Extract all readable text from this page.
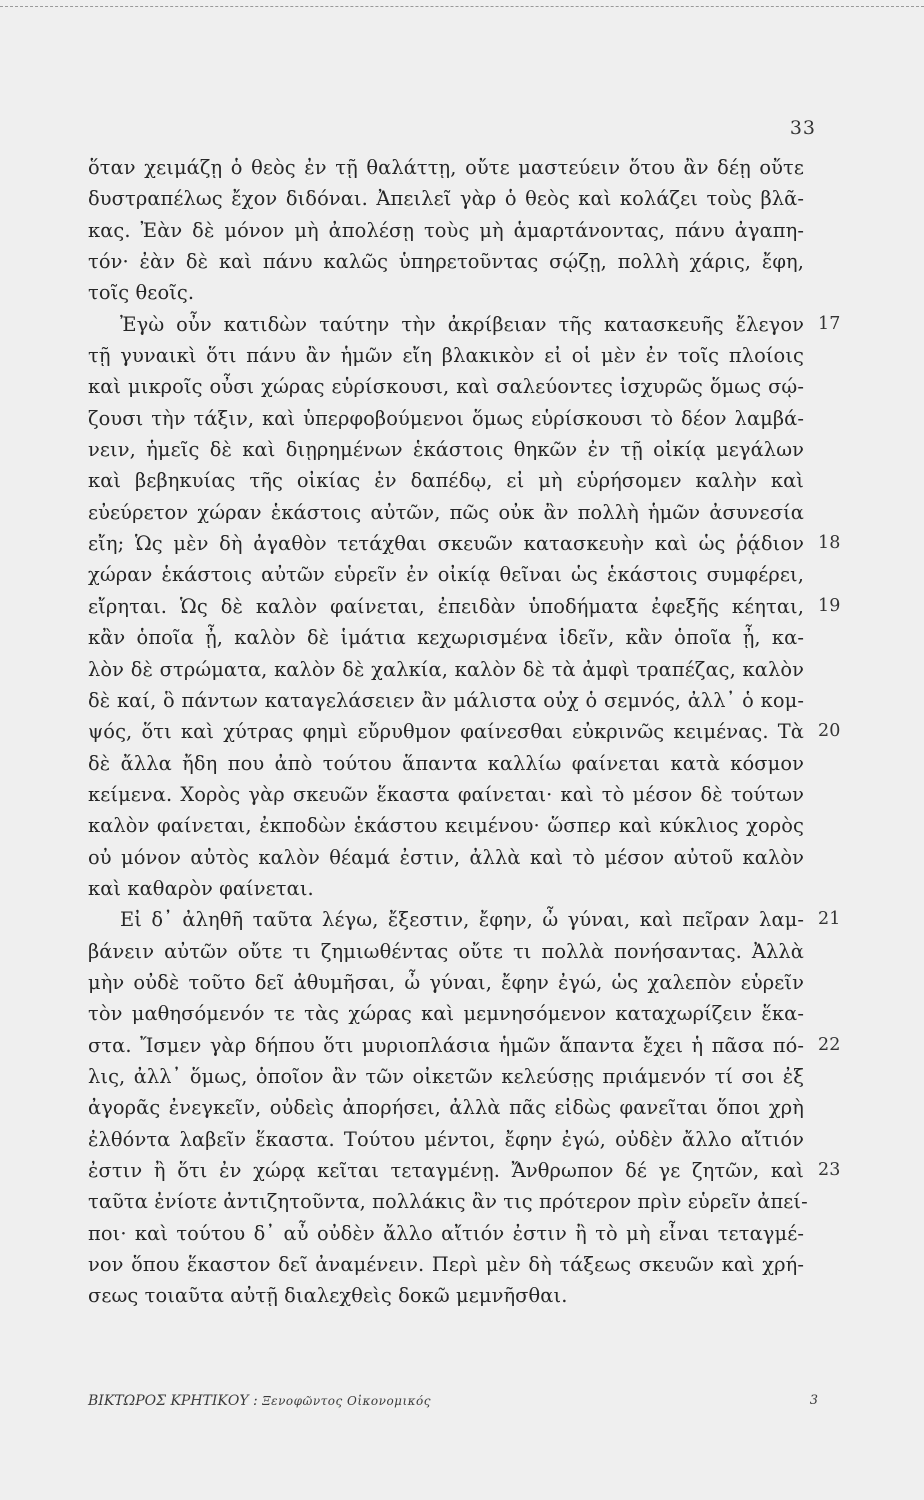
33
ὅταν χειμάζῃ ὁ θεὸς ἐν τῇ θαλάττῃ, οὔτε μαστεύειν ὅτου ἂν δέῃ οὔτε
δυστραπέλως ἔχον διδόναι. Ἀπειλεῖ γὰρ ὁ θεὸς καὶ κολάζει τοὺς βλᾶ-
κας. Ἐὰν δὲ μόνον μὴ ἀπολέσῃ τοὺς μὴ ἁμαρτάνοντας, πάνυ ἀγαπη-
τόν· ἐὰν δὲ καὶ πάνυ καλῶς ὑπηρετοῦντας σῴζῃ, πολλὴ χάρις, ἔφη,
τοῖς θεοῖς.
Ἐγὼ οὖν κατιδὼν ταύτην τὴν ἀκρίβειαν τῆς κατασκευῆς ἔλεγον 17
τῇ γυναικὶ ὅτι πάνυ ἂν ἡμῶν εἴη βλακικὸν εἰ οἱ μὲν ἐν τοῖς πλοίοις
καὶ μικροῖς οὖσι χώρας εὑρίσκουσι, καὶ σαλεύοντες ἰσχυρῶς ὅμως σῴ-
ζουσι τὴν τάξιν, καὶ ὑπερφοβούμενοι ὅμως εὑρίσκουσι τὸ δέον λαμβά-
νειν, ἡμεῖς δὲ καὶ διῃρημένων ἑκάστοις θηκῶν ἐν τῇ οἰκίᾳ μεγάλων
καὶ βεβηκυίας τῆς οἰκίας ἐν δαπέδῳ, εἰ μὴ εὑρήσομεν καλὴν καὶ
εὐεύρετον χώραν ἑκάστοις αὐτῶν, πῶς οὐκ ἂν πολλὴ ἡμῶν ἀσυνεσία
εἴη; Ὡς μὲν δὴ ἀγαθὸν τετάχθαι σκευῶν κατασκευὴν καὶ ὡς ῥᾴδιον 18
χώραν ἑκάστοις αὐτῶν εὑρεῖν ἐν οἰκίᾳ θεῖναι ὡς ἑκάστοις συμφέρει,
εἴρηται. Ὡς δὲ καλὸν φαίνεται, ἐπειδὰν ὑποδήματα ἐφεξῆς κέηται, 19
κἂν ὁποῖα ᾖ, καλὸν δὲ ἱμάτια κεχωρισμένα ἰδεῖν, κἂν ὁποῖα ᾖ, κα-
λὸν δὲ στρώματα, καλὸν δὲ χαλκία, καλὸν δὲ τὰ ἀμφὶ τραπέζας, καλὸν
δὲ καί, ὃ πάντων καταγελάσειεν ἂν μάλιστα οὐχ ὁ σεμνός, ἀλλ᾽ ὁ κομ-
ψός, ὅτι καὶ χύτρας φημὶ εὔρυθμον φαίνεσθαι εὐκρινῶς κειμένας. Τὰ 20
δὲ ἄλλα ἤδη που ἀπὸ τούτου ἅπαντα καλλίω φαίνεται κατὰ κόσμον
κείμενα. Χορὸς γὰρ σκευῶν ἕκαστα φαίνεται· καὶ τὸ μέσον δὲ τούτων
καλὸν φαίνεται, ἐκποδὼν ἑκάστου κειμένου· ὥσπερ καὶ κύκλιος χορὸς
οὐ μόνον αὐτὸς καλὸν θέαμά ἐστιν, ἀλλὰ καὶ τὸ μέσον αὐτοῦ καλὸν
καὶ καθαρὸν φαίνεται.
Εἰ δ᾽ ἀληθῆ ταῦτα λέγω, ἔξεστιν, ἔφην, ὦ γύναι, καὶ πεῖραν λαμ- 21
βάνειν αὐτῶν οὔτε τι ζημιωθέντας οὔτε τι πολλὰ πονήσαντας. Ἀλλὰ
μὴν οὐδὲ τοῦτο δεῖ ἀθυμῆσαι, ὦ γύναι, ἔφην ἐγώ, ὡς χαλεπὸν εὑρεῖν
τὸν μαθησόμενόν τε τὰς χώρας καὶ μεμνησόμενον καταχωρίζειν ἕκα-
στα. Ἴσμεν γὰρ δήπου ὅτι μυριοπλάσια ἡμῶν ἅπαντα ἔχει ἡ πᾶσα πό- 22
λις, ἀλλ᾽ ὅμως, ὁποῖον ἂν τῶν οἰκετῶν κελεύσῃς πριάμενόν τί σοι ἐξ
ἀγορᾶς ἐνεγκεῖν, οὐδεὶς ἀπορήσει, ἀλλὰ πᾶς εἰδὼς φανεῖται ὅποι χρὴ
ἐλθόντα λαβεῖν ἕκαστα. Τούτου μέντοι, ἔφην ἐγώ, οὐδὲν ἄλλο αἴτιόν
ἐστιν ἢ ὅτι ἐν χώρᾳ κεῖται τεταγμένῃ. Ἄνθρωπον δέ γε ζητῶν, καὶ 23
ταῦτα ἐνίοτε ἀντιζητοῦντα, πολλάκις ἂν τις πρότερον πρὶν εὑρεῖν ἀπεί-
ποι· καὶ τούτου δ᾽ αὖ οὐδὲν ἄλλο αἴτιόν ἐστιν ἢ τὸ μὴ εἶναι τεταγμέ-
νον ὅπου ἕκαστον δεῖ ἀναμένειν. Περὶ μὲν δὴ τάξεως σκευῶν καὶ χρή-
σεως τοιαῦτα αὐτῇ διαλεχθεὶς δοκῶ μεμνῆσθαι.
ΒΙΚΤΩΡΟΣ ΚΡΗΤΙΚΟΥ : Ξενοφῶντος Οἰκονομικός	3
